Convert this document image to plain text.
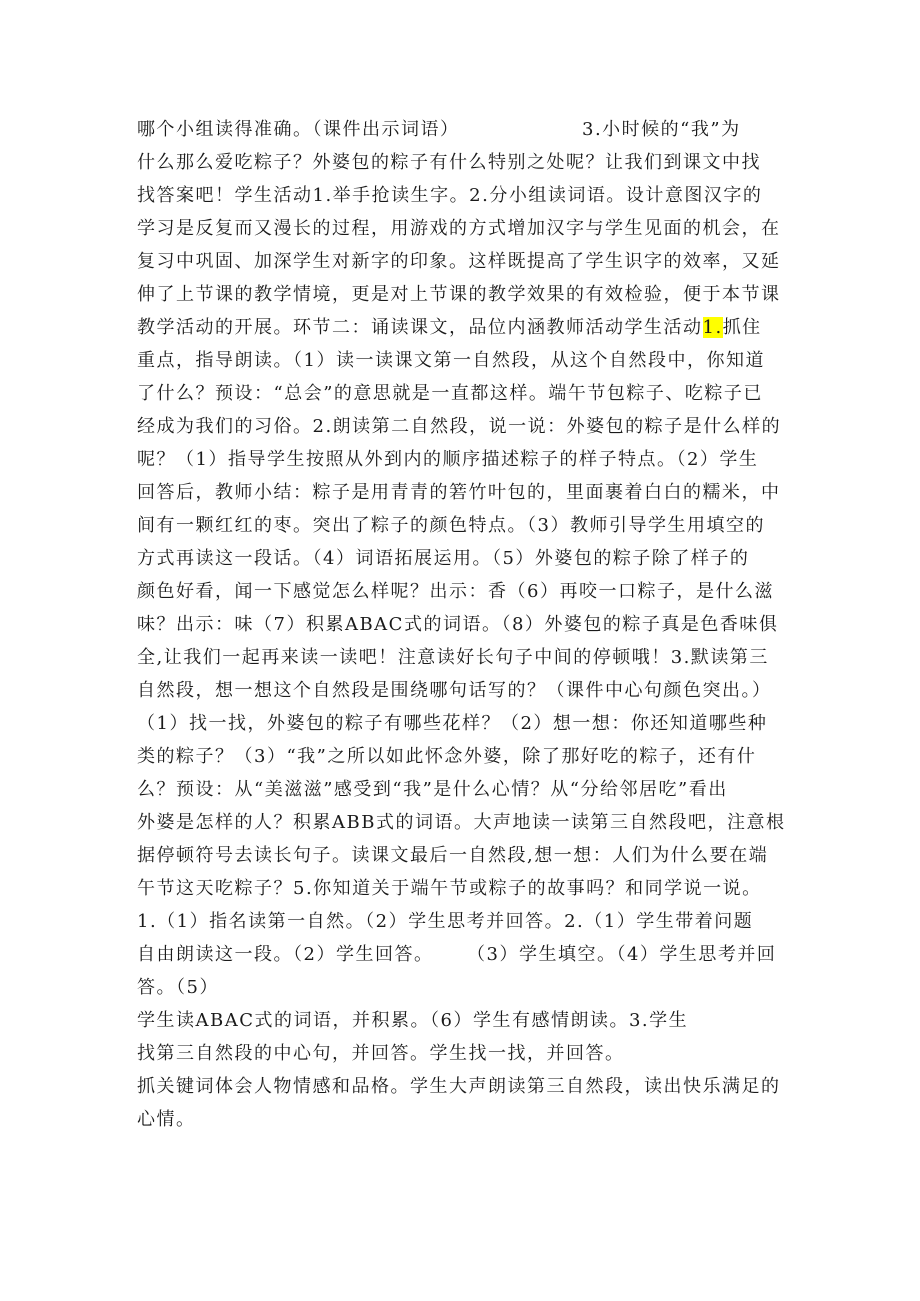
哪个小组读得准确。（课件出示词语）	3.小时候的“我”为
什么那么爱吃粽子？外婆包的粽子有什么特别之处呢？让我们到课文中找
找答案吧！学生活动1.举手抢读生字。2.分小组读词语。设计意图汉字的
学习是反复而又漫长的过程，用游戏的方式增加汉字与学生见面的机会，在
复习中巩固、加深学生对新字的印象。这样既提高了学生识字的效率，又延
伸了上节课的教学情境，更是对上节课的教学效果的有效检验，便于本节课
教学活动的开展。环节二：诵读课文，品位内涵教师活动学生活动1.抓住
重点，指导朗读。（1）读一读课文第一自然段，从这个自然段中，你知道
了什么？预设：“总会”的意思就是一直都这样。端午节包粽子、吃粽子已
经成为我们的习俗。2.朗读第二自然段，说一说：外婆包的粽子是什么样的
呢？（1）指导学生按照从外到内的顺序描述粽子的样子特点。（2）学生
回答后，教师小结：粽子是用青青的箬竹叶包的，里面裹着白白的糯米，中
间有一颗红红的枣。突出了粽子的颜色特点。（3）教师引导学生用填空的
方式再读这一段话。（4）词语拓展运用。（5）外婆包的粽子除了样子的
颜色好看，闻一下感觉怎么样呢？出示：香（6）再咬一口粽子，是什么滋
味？出示：味（7）积累ABAC式的词语。（8）外婆包的粽子真是色香味俱
全,让我们一起再来读一读吧！注意读好长句子中间的停顿哦！3.默读第三
自然段，想一想这个自然段是围绕哪句话写的？（课件中心句颜色突出。）
（1）找一找，外婆包的粽子有哪些花样？（2）想一想：你还知道哪些种
类的粽子？（3）“我”之所以如此怀念外婆，除了那好吃的粽子，还有什
么？预设：从“美滋滋”感受到“我”是什么心情？从“分给邻居吃”看出
外婆是怎样的人？积累ABB式的词语。大声地读一读第三自然段吧，注意根
据停顿符号去读长句子。读课文最后一自然段,想一想：人们为什么要在端
午节这天吃粽子？5.你知道关于端午节或粽子的故事吗？和同学说一说。
1.（1）指名读第一自然。（2）学生思考并回答。2.（1）学生带着问题
自由朗读这一段。（2）学生回答。 （3）学生填空。（4）学生思考并回
答。（5）
学生读ABAC式的词语，并积累。（6）学生有感情朗读。3.学生
找第三自然段的中心句，并回答。学生找一找，并回答。
抓关键词体会人物情感和品格。学生大声朗读第三自然段，读出快乐满足的
心情。
